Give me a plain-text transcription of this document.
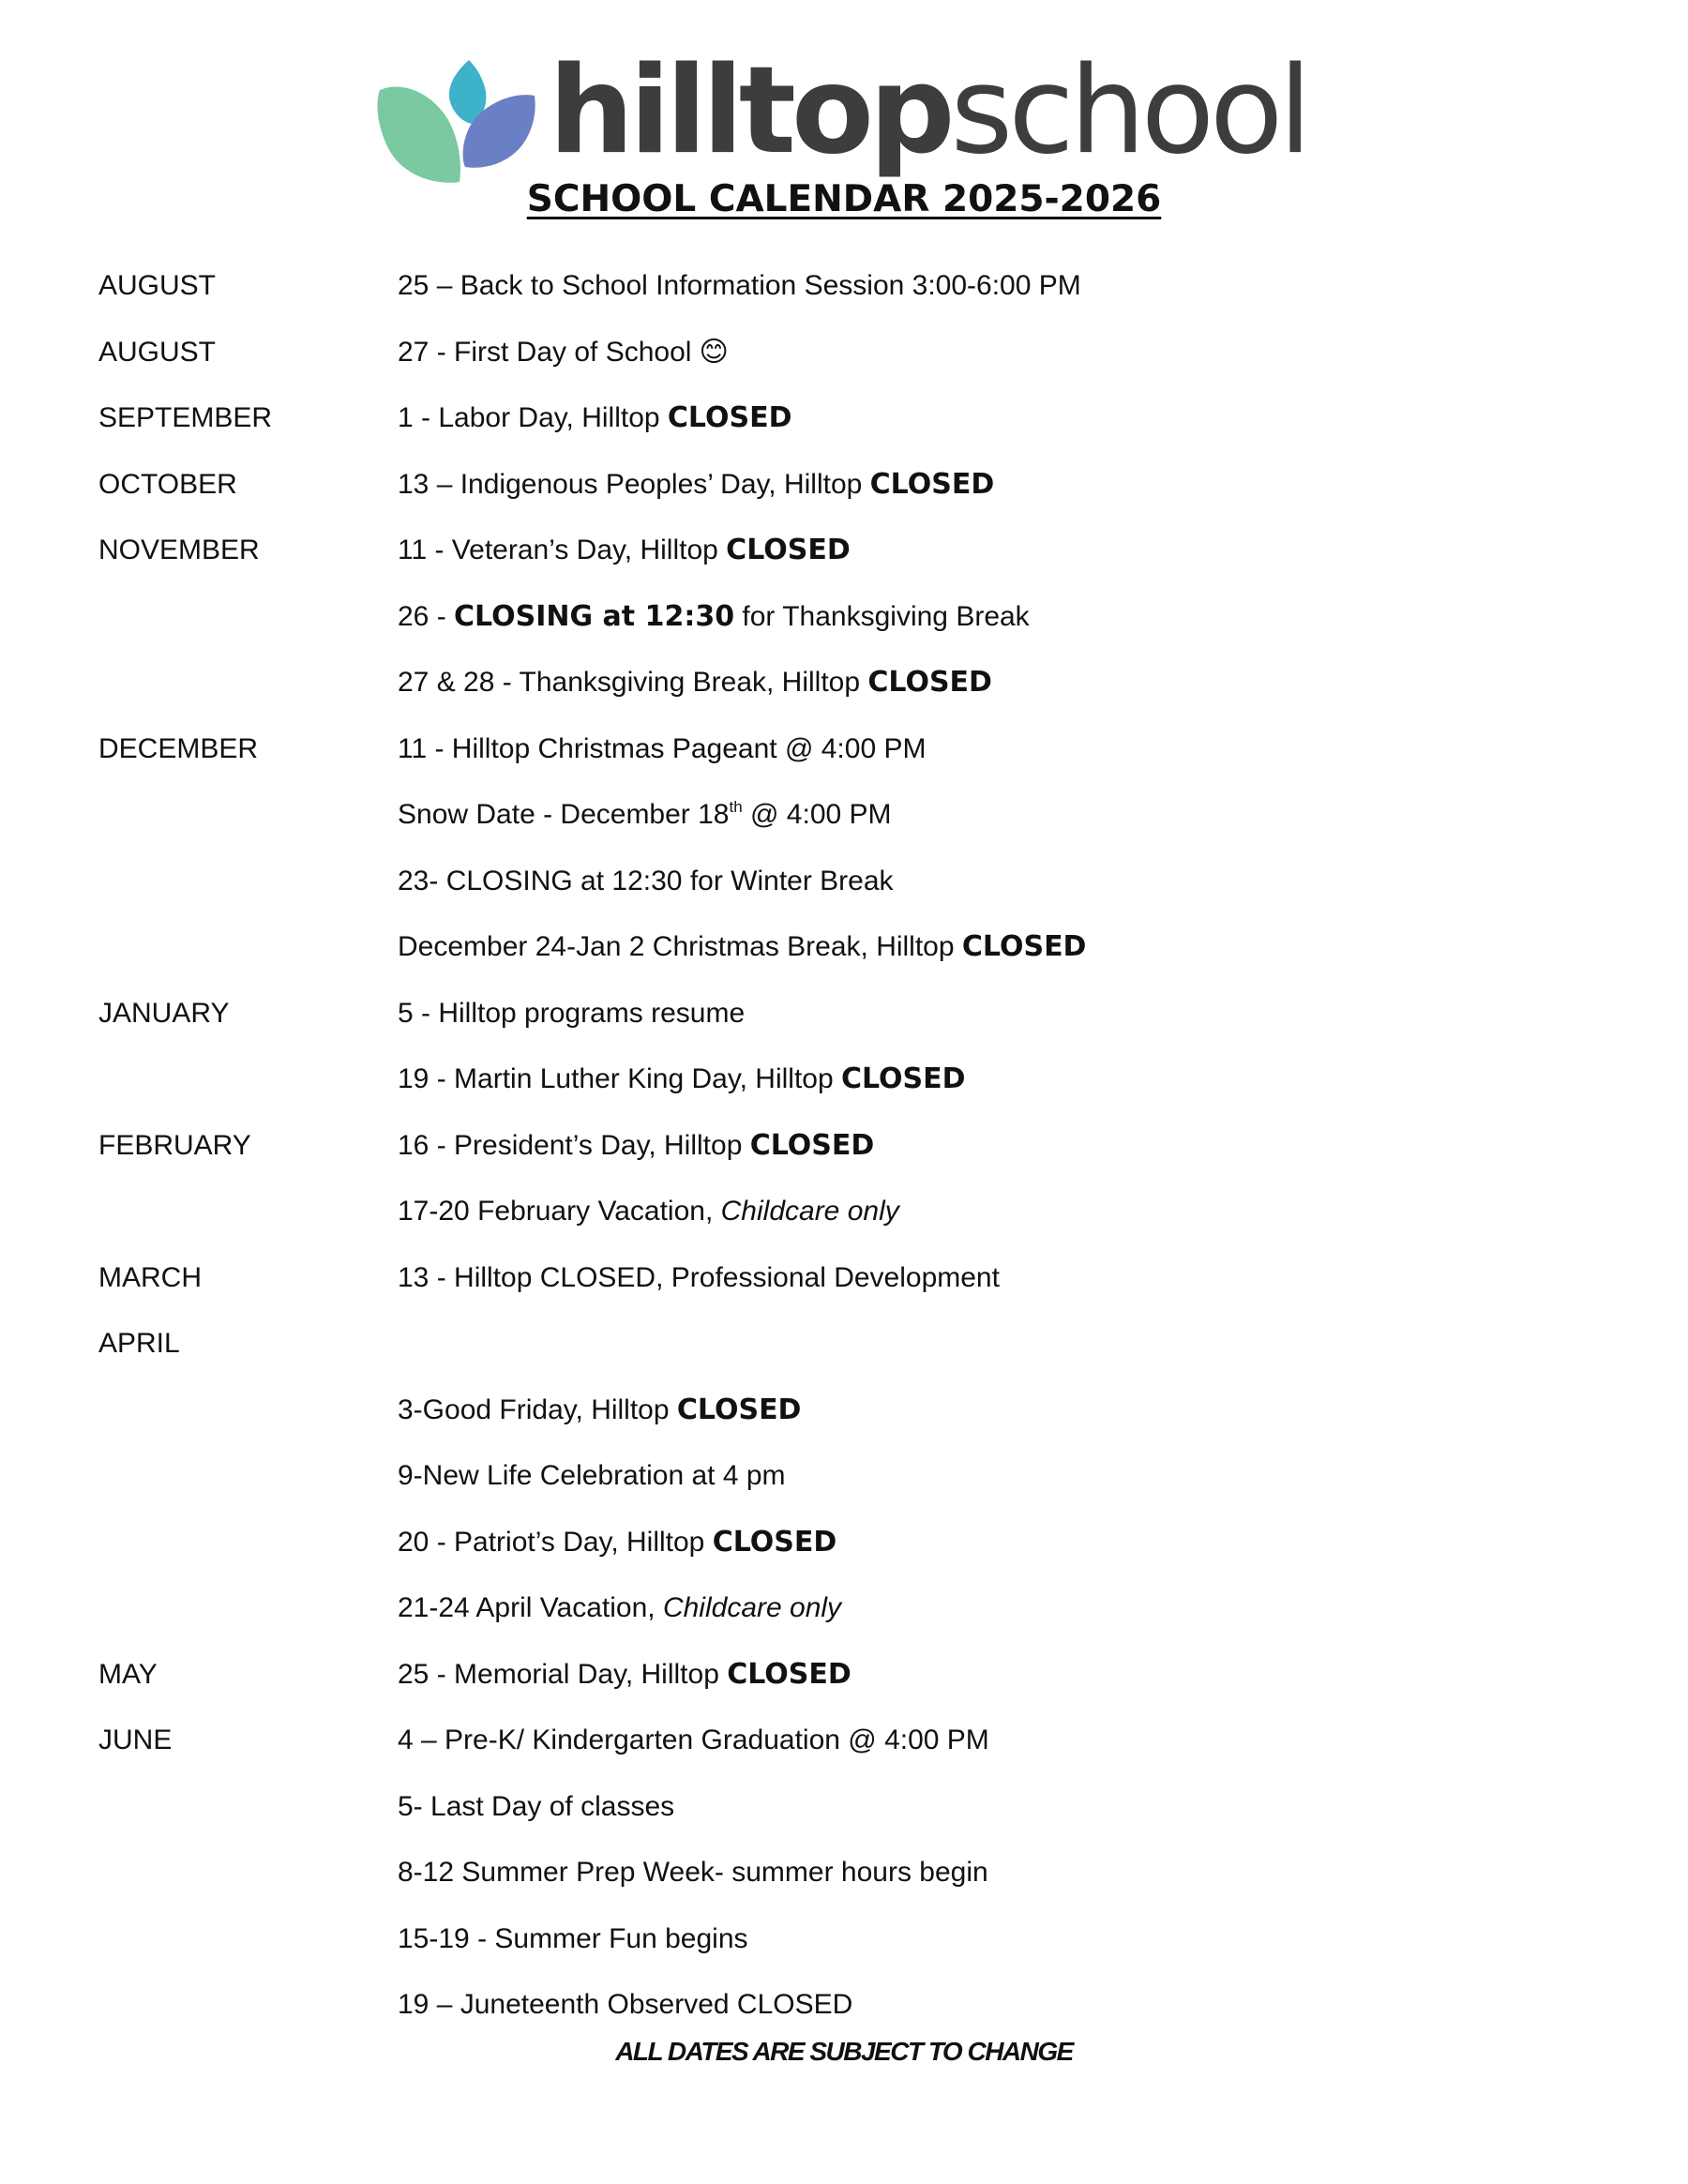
hilltopschool
SCHOOL CALENDAR 2025-2026
AUGUST	25 – Back to School Information Session 3:00-6:00 PM
AUGUST	27 - First Day of School 😊
SEPTEMBER	1 - Labor Day, Hilltop CLOSED
OCTOBER	13 – Indigenous Peoples’ Day, Hilltop CLOSED
NOVEMBER	11 - Veteran’s Day, Hilltop CLOSED
26 - CLOSING at 12:30 for Thanksgiving Break
27 & 28 - Thanksgiving Break, Hilltop CLOSED
DECEMBER	11 - Hilltop Christmas Pageant @ 4:00 PM
Snow Date - December 18th @ 4:00 PM
23- CLOSING at 12:30 for Winter Break
December 24-Jan 2 Christmas Break, Hilltop CLOSED
JANUARY	5 - Hilltop programs resume
19 - Martin Luther King Day, Hilltop CLOSED
FEBRUARY	16 - President’s Day, Hilltop CLOSED
17-20 February Vacation, Childcare only
MARCH	13 - Hilltop CLOSED, Professional Development
APRIL
3-Good Friday, Hilltop CLOSED
9-New Life Celebration at 4 pm
20 - Patriot’s Day, Hilltop CLOSED
21-24 April Vacation, Childcare only
MAY	25 - Memorial Day, Hilltop CLOSED
JUNE	4 – Pre-K/ Kindergarten Graduation @ 4:00 PM
5- Last Day of classes
8-12 Summer Prep Week- summer hours begin
15-19 - Summer Fun begins
19 – Juneteenth Observed CLOSED
ALL DATES ARE SUBJECT TO CHANGE
